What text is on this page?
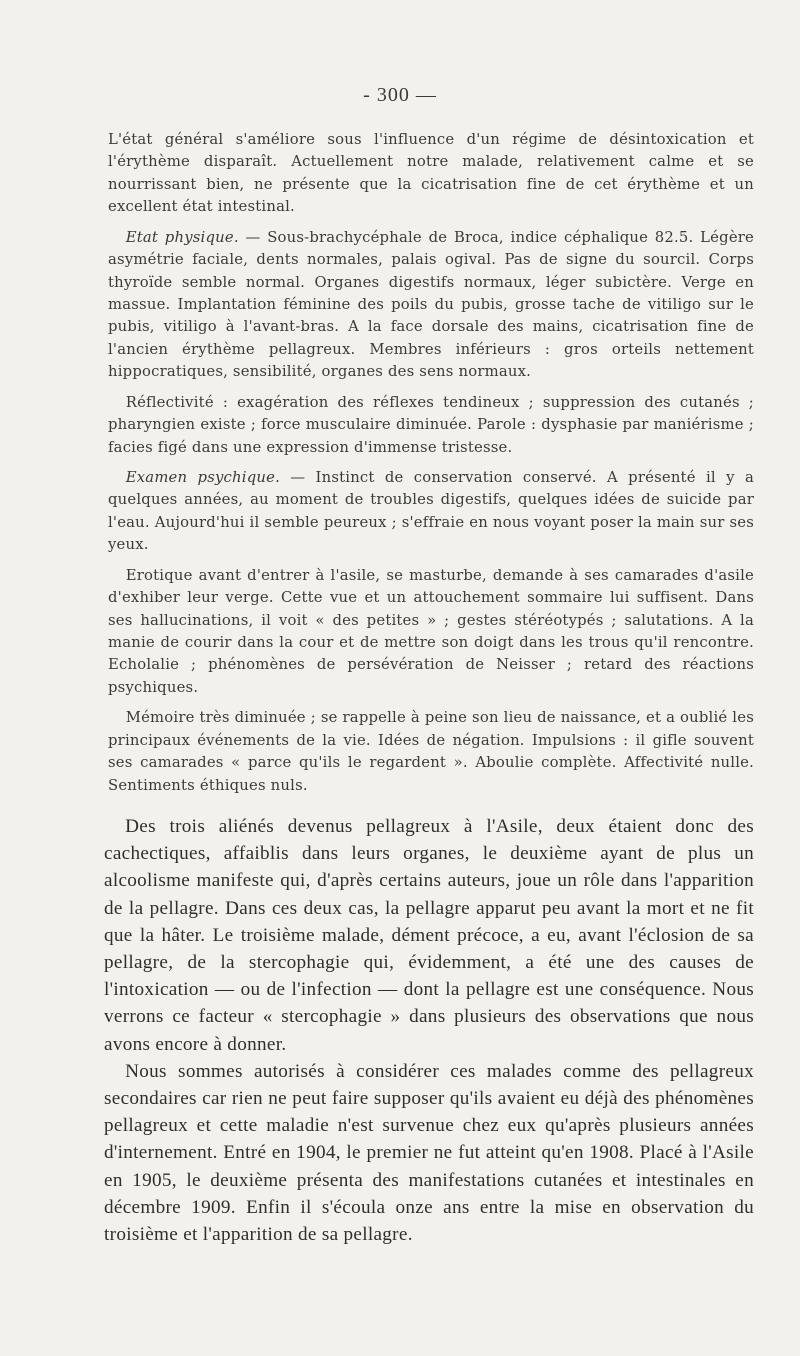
- 300 —

L'état général s'améliore sous l'influence d'un régime de désintoxication et l'érythème disparaît. Actuellement notre malade, relativement calme et se nourrissant bien, ne présente que la cicatrisation fine de cet érythème et un excellent état intestinal.

Etat physique. — Sous-brachycéphale de Broca, indice céphalique 82.5. Légère asymétrie faciale, dents normales, palais ogival. Pas de signe du sourcil. Corps thyroïde semble normal. Organes digestifs normaux, léger subictère. Verge en massue. Implantation féminine des poils du pubis, grosse tache de vitiligo sur le pubis, vitiligo à l'avant-bras. A la face dorsale des mains, cicatrisation fine de l'ancien érythème pellagreux. Membres inférieurs : gros orteils nettement hippocratiques, sensibilité, organes des sens normaux.

Réflectivité : exagération des réflexes tendineux ; suppression des cutanés ; pharyngien existe ; force musculaire diminuée. Parole : dysphasie par maniérisme ; facies figé dans une expression d'immense tristesse.

Examen psychique. — Instinct de conservation conservé. A présenté il y a quelques années, au moment de troubles digestifs, quelques idées de suicide par l'eau. Aujourd'hui il semble peureux ; s'effraie en nous voyant poser la main sur ses yeux.

Erotique avant d'entrer à l'asile, se masturbe, demande à ses camarades d'asile d'exhiber leur verge. Cette vue et un attouchement sommaire lui suffisent. Dans ses hallucinations, il voit « des petites » ; gestes stéréotypés ; salutations. A la manie de courir dans la cour et de mettre son doigt dans les trous qu'il rencontre. Echolalie ; phénomènes de persévération de Neisser ; retard des réactions psychiques.

Mémoire très diminuée ; se rappelle à peine son lieu de naissance, et a oublié les principaux événements de la vie. Idées de négation. Impulsions : il gifle souvent ses camarades « parce qu'ils le regardent ». Aboulie complète. Affectivité nulle. Sentiments éthiques nuls.

Des trois aliénés devenus pellagreux à l'Asile, deux étaient donc des cachectiques, affaiblis dans leurs organes, le deuxième ayant de plus un alcoolisme manifeste qui, d'après certains auteurs, joue un rôle dans l'apparition de la pellagre. Dans ces deux cas, la pellagre apparut peu avant la mort et ne fit que la hâter. Le troisième malade, dément précoce, a eu, avant l'éclosion de sa pellagre, de la stercophagie qui, évidemment, a été une des causes de l'intoxication — ou de l'infection — dont la pellagre est une conséquence. Nous verrons ce facteur « stercophagie » dans plusieurs des observations que nous avons encore à donner.

Nous sommes autorisés à considérer ces malades comme des pellagreux secondaires car rien ne peut faire supposer qu'ils avaient eu déjà des phénomènes pellagreux et cette maladie n'est survenue chez eux qu'après plusieurs années d'internement. Entré en 1904, le premier ne fut atteint qu'en 1908. Placé à l'Asile en 1905, le deuxième présenta des manifestations cutanées et intestinales en décembre 1909. Enfin il s'écoula onze ans entre la mise en observation du troisième et l'apparition de sa pellagre.
